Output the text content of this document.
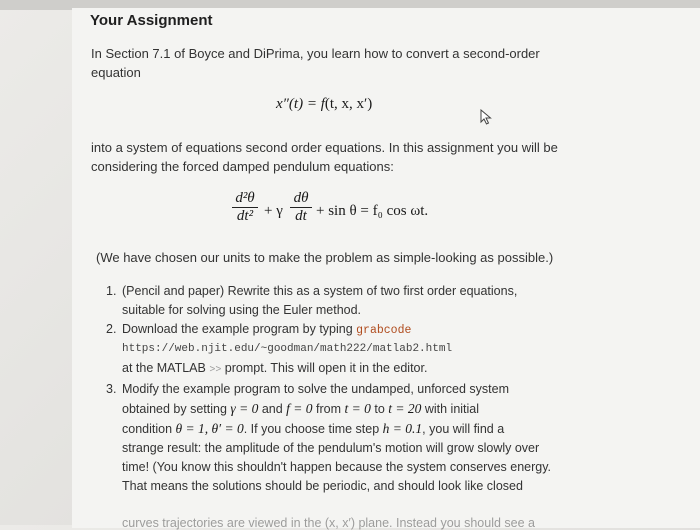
Your Assignment
In Section 7.1 of Boyce and DiPrima, you learn how to convert a second-order
equation
x″(t) = f(t, x, x′)
into a system of equations second order equations. In this assignment you will be
considering the forced damped pendulum equations:
$\frac{\text{d²θ}}{\text{dt²}} + \gamma \frac{d\theta}{dt} + \sin \theta = f_0$ cos ωt.
(We have chosen our units to make the problem as simple-looking as possible.)
1. (Pencil and paper) Rewrite this as a system of two first order equations,
suitable for solving using the Euler method.
2. Download the example program by typing grabcode
https://web.njit.edu/~goodman/math222/matlab2.html
at the MATLAB >> prompt. This will open it in the editor.
3. Modify the example program to solve the undamped, unforced system
obtained by setting γ = 0 and f = 0 from t = 0 to t = 20 with initial
condition θ = 1, θ′ = 0. If you choose time step h = 0.1, you will find a
strange result: the amplitude of the pendulum's motion will grow slowly over
time! (You know this shouldn't happen because the system conserves energy.
That means the solutions should be periodic, and should look like closed
curves trajectories are viewed in the (x, x′) plane. Instead you should see a
